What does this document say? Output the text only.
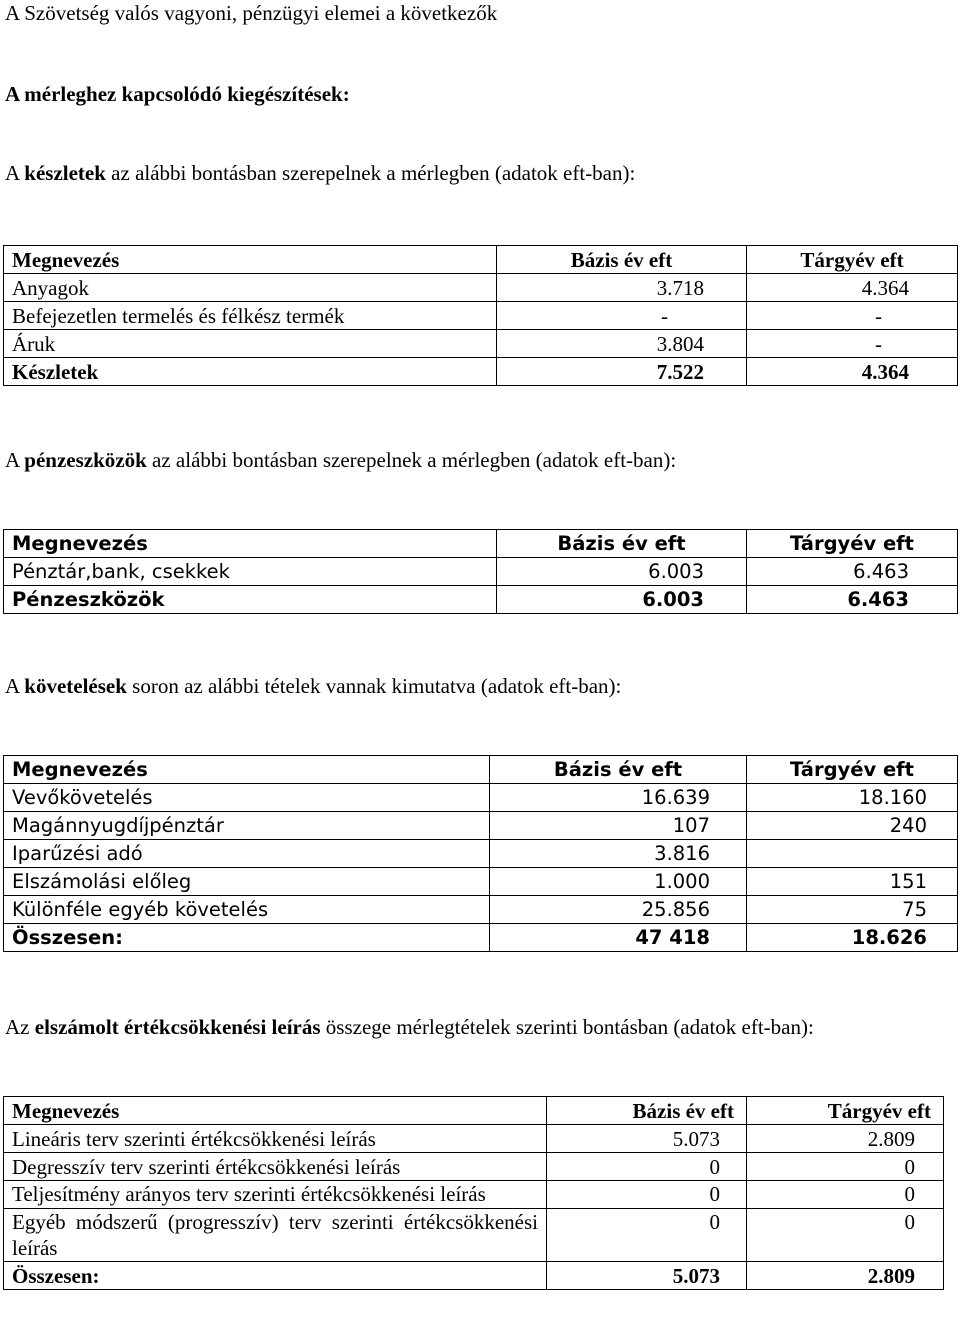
A Szövetség valós vagyoni, pénzügyi elemei a következők
A mérleghez kapcsolódó kiegészítések:
A készletek az alábbi bontásban szerepelnek a mérlegben (adatok eft-ban):
Megnevezés	Bázis év eft	Tárgyév eft
Anyagok	3.718	4.364
Befejezetlen termelés és félkész termék	-	-
Áruk	3.804	-
Készletek	7.522	4.364
A pénzeszközök az alábbi bontásban szerepelnek a mérlegben (adatok eft-ban):
Megnevezés	Bázis év eft	Tárgyév eft
Pénztár,bank, csekkek	6.003	6.463
Pénzeszközök	6.003	6.463
A követelések soron az alábbi tételek vannak kimutatva (adatok eft-ban):
Megnevezés	Bázis év eft	Tárgyév eft
Vevőkövetelés	16.639	18.160
Magánnyugdíjpénztár	107	240
Iparűzési adó	3.816	
Elszámolási előleg	1.000	151
Különféle egyéb követelés	25.856	75
Összesen:	47 418	18.626
Az elszámolt értékcsökkenési leírás összege mérlegtételek szerinti bontásban (adatok eft-ban):
Megnevezés	Bázis év eft	Tárgyév eft
Lineáris terv szerinti értékcsökkenési leírás	5.073	2.809
Degresszív terv szerinti értékcsökkenési leírás	0	0
Teljesítmény arányos terv szerinti értékcsökkenési leírás	0	0
Egyéb módszerű (progresszív) terv szerinti értékcsökkenési leírás	0	0
Összesen:	5.073	2.809
